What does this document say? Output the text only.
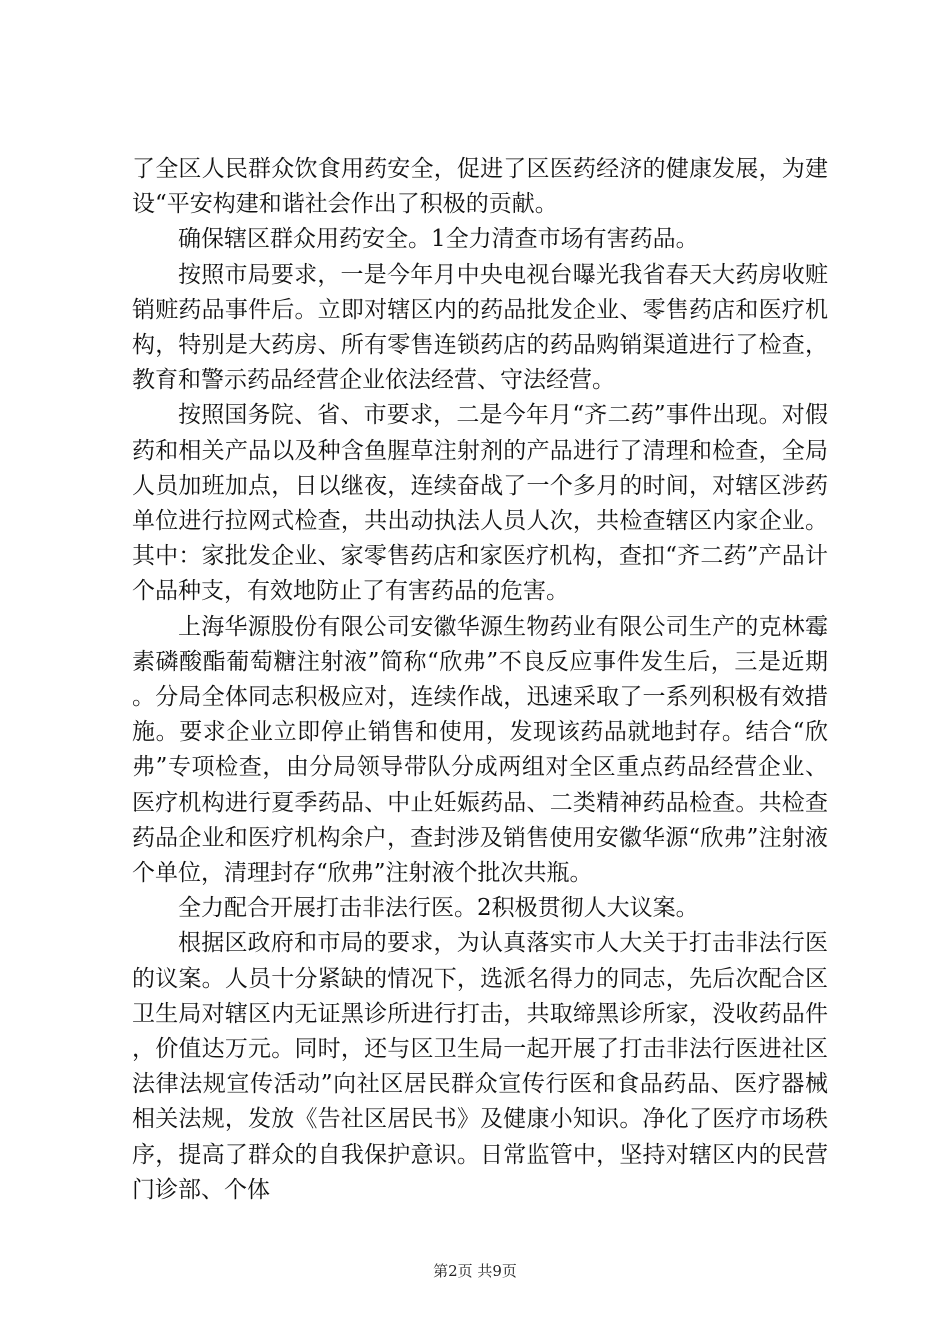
了全区人民群众饮食用药安全，促进了区医药经济的健康发展，为建设“平安构建和谐社会作出了积极的贡献。

确保辖区群众用药安全。1全力清查市场有害药品。

按照市局要求，一是今年月中央电视台曝光我省春天大药房收赃销赃药品事件后。立即对辖区内的药品批发企业、零售药店和医疗机构，特别是大药房、所有零售连锁药店的药品购销渠道进行了检查，教育和警示药品经营企业依法经营、守法经营。

按照国务院、省、市要求，二是今年月“齐二药”事件出现。对假药和相关产品以及种含鱼腥草注射剂的产品进行了清理和检查，全局人员加班加点，日以继夜，连续奋战了一个多月的时间，对辖区涉药单位进行拉网式检查，共出动执法人员人次，共检查辖区内家企业。其中：家批发企业、家零售药店和家医疗机构，查扣“齐二药”产品计个品种支，有效地防止了有害药品的危害。

上海华源股份有限公司安徽华源生物药业有限公司生产的克林霉素磷酸酯葡萄糖注射液”简称“欣弗”不良反应事件发生后，三是近期。分局全体同志积极应对，连续作战，迅速采取了一系列积极有效措施。要求企业立即停止销售和使用，发现该药品就地封存。结合“欣弗”专项检查，由分局领导带队分成两组对全区重点药品经营企业、医疗机构进行夏季药品、中止妊娠药品、二类精神药品检查。共检查药品企业和医疗机构余户，查封涉及销售使用安徽华源“欣弗”注射液个单位，清理封存“欣弗”注射液个批次共瓶。

全力配合开展打击非法行医。2积极贯彻人大议案。

根据区政府和市局的要求，为认真落实市人大关于打击非法行医的议案。人员十分紧缺的情况下，选派名得力的同志，先后次配合区卫生局对辖区内无证黑诊所进行打击，共取缔黑诊所家，没收药品件，价值达万元。同时，还与区卫生局一起开展了打击非法行医进社区法律法规宣传活动”向社区居民群众宣传行医和食品药品、医疗器械相关法规，发放《告社区居民书》及健康小知识。净化了医疗市场秩序，提高了群众的自我保护意识。日常监管中，坚持对辖区内的民营门诊部、个体

第2页 共9页
